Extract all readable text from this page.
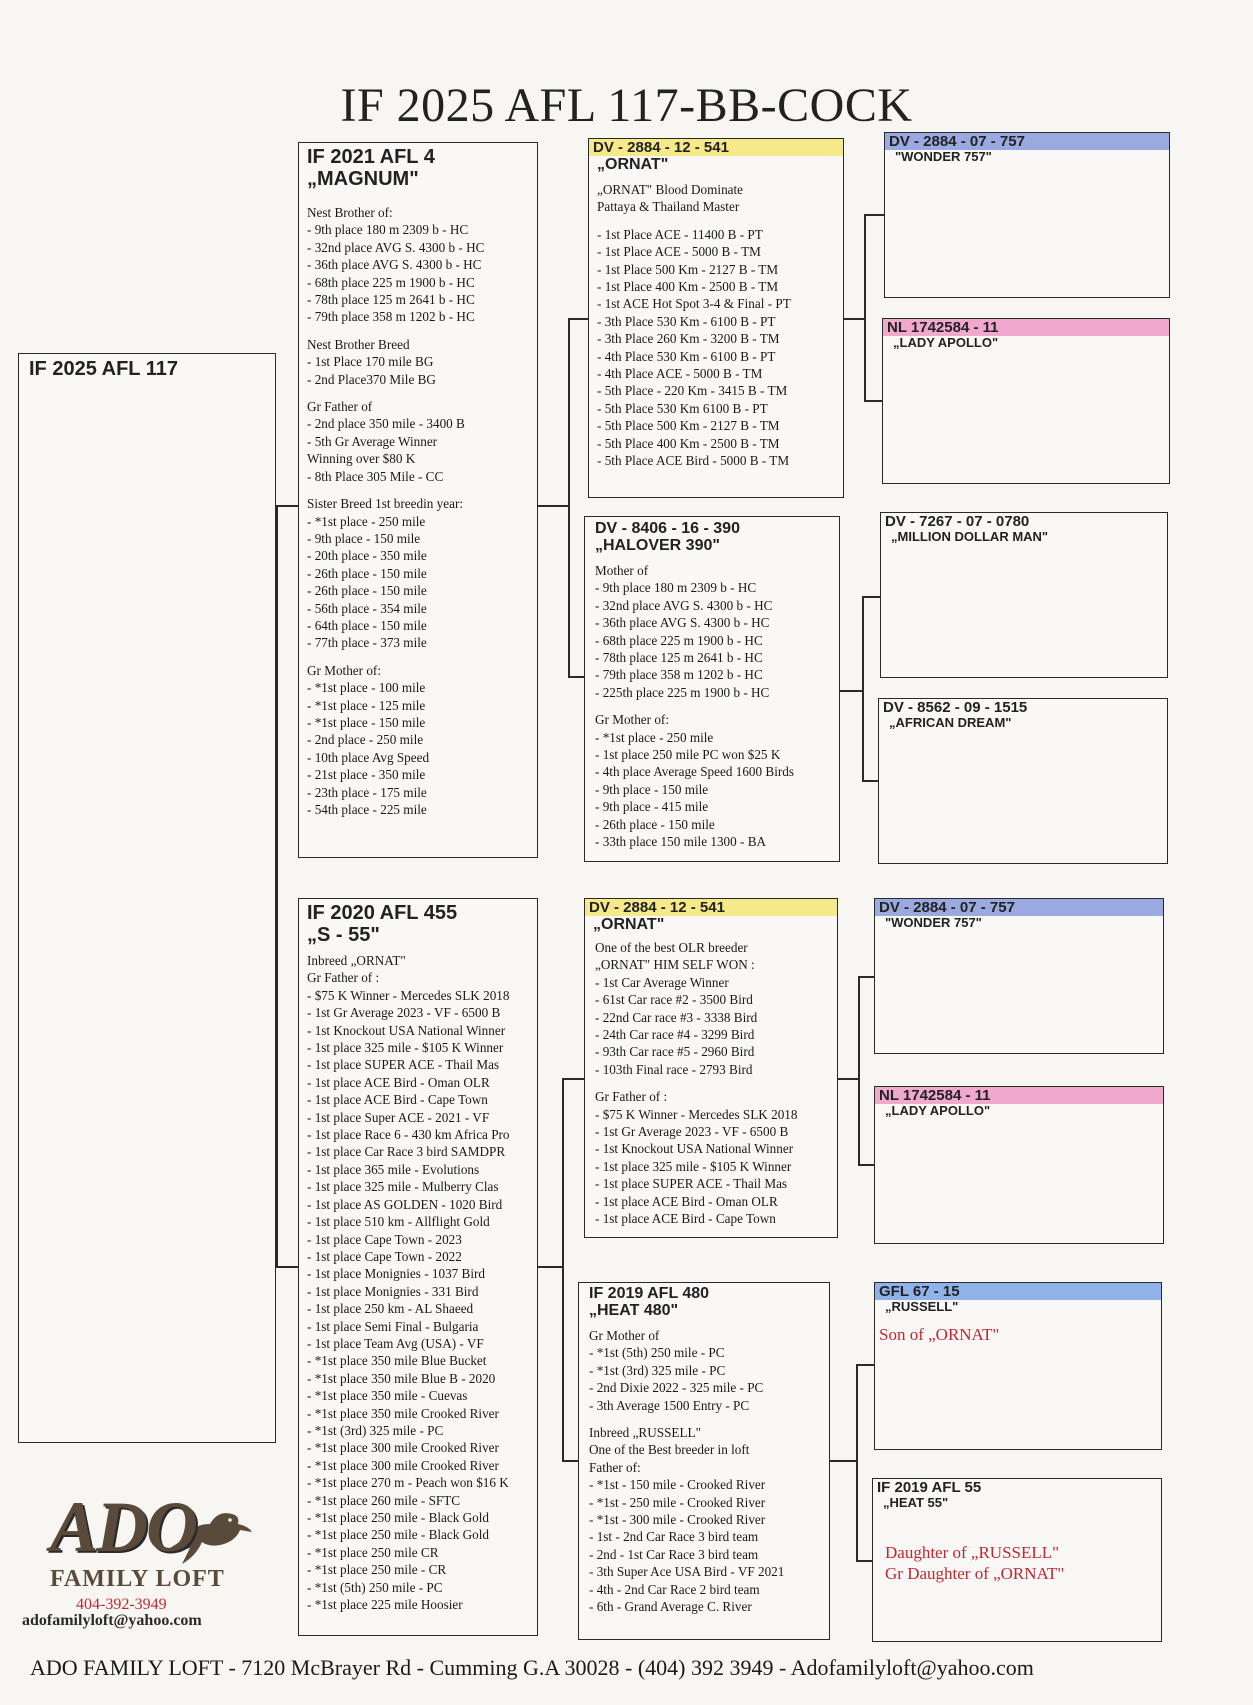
IF 2025 AFL 117-BB-COCK
IF 2025 AFL 117
IF 2021 AFL 4
„MAGNUM"
Nest Brother of:
- 9th place 180 m 2309 b - HC
- 32nd place AVG S. 4300 b - HC
- 36th place AVG S. 4300 b - HC
- 68th place 225 m 1900 b - HC
- 78th place 125 m 2641 b - HC
- 79th place 358 m 1202 b - HC
Nest Brother Breed
- 1st Place 170 mile BG
- 2nd Place370 Mile BG
Gr Father of
- 2nd place 350 mile - 3400 B
- 5th Gr Average Winner
Winning over $80 K
- 8th Place 305 Mile - CC
Sister Breed 1st breedin year:
- *1st place - 250 mile
- 9th place - 150 mile
- 20th place - 350 mile
- 26th place - 150 mile
- 26th place - 150 mile
- 56th place - 354 mile
- 64th place - 150 mile
- 77th place - 373 mile
Gr Mother of:
- *1st place - 100 mile
- *1st place - 125 mile
- *1st place - 150 mile
- 2nd place - 250 mile
- 10th place Avg Speed
- 21st place - 350 mile
- 23th place - 175 mile
- 54th place - 225 mile
IF 2020 AFL 455
„S - 55"
Inbreed „ORNAT"
Gr Father of :
- $75 K Winner - Mercedes SLK 2018
- 1st Gr Average 2023 - VF - 6500 B
- 1st Knockout USA National Winner
- 1st place 325 mile - $105 K Winner
- 1st place SUPER ACE - Thail Mas
- 1st place ACE Bird - Oman OLR
- 1st place ACE Bird - Cape Town
- 1st place Super ACE - 2021 - VF
- 1st place Race 6 - 430 km Africa Pro
- 1st place Car Race 3 bird SAMDPR
- 1st place 365 mile - Evolutions
- 1st place 325 mile - Mulberry Clas
- 1st place AS GOLDEN - 1020 Bird
- 1st place 510 km - Allflight Gold
- 1st place Cape Town - 2023
- 1st place Cape Town - 2022
- 1st place Monignies - 1037 Bird
- 1st place Monignies - 331 Bird
- 1st place 250 km - AL Shaeed
- 1st place Semi Final - Bulgaria
- 1st place Team Avg (USA) - VF
- *1st place 350 mile Blue Bucket
- *1st place 350 mile Blue B - 2020
- *1st place 350 mile - Cuevas
- *1st place 350 mile Crooked River
- *1st (3rd) 325 mile - PC
- *1st place 300 mile Crooked River
- *1st place 300 mile Crooked River
- *1st place 270 m - Peach won $16 K
- *1st place 260 mile - SFTC
- *1st place 250 mile - Black Gold
- *1st place 250 mile - Black Gold
- *1st place 250 mile CR
- *1st place 250 mile - CR
- *1st (5th) 250 mile - PC
- *1st place 225 mile Hoosier
DV - 2884 - 12 - 541
„ORNAT"
„ORNAT" Blood Dominate
Pattaya & Thailand Master
- 1st Place ACE - 11400 B - PT
- 1st Place ACE - 5000 B - TM
- 1st Place 500 Km - 2127 B - TM
- 1st Place 400 Km - 2500 B - TM
- 1st ACE Hot Spot 3-4 & Final - PT
- 3th Place 530 Km - 6100 B - PT
- 3th Place 260 Km - 3200 B - TM
- 4th Place 530 Km - 6100 B - PT
- 4th Place ACE - 5000 B - TM
- 5th Place - 220 Km - 3415 B - TM
- 5th Place 530 Km 6100 B - PT
- 5th Place 500 Km - 2127 B - TM
- 5th Place 400 Km - 2500 B - TM
- 5th Place ACE Bird - 5000 B - TM
DV - 8406 - 16 - 390
„HALOVER 390"
Mother of
- 9th place 180 m 2309 b - HC
- 32nd place AVG S. 4300 b - HC
- 36th place AVG S. 4300 b - HC
- 68th place 225 m 1900 b - HC
- 78th place 125 m 2641 b - HC
- 79th place 358 m 1202 b - HC
- 225th place 225 m 1900 b - HC
Gr Mother of:
- *1st place - 250 mile
- 1st place 250 mile PC won $25 K
- 4th place Average Speed 1600 Birds
- 9th place - 150 mile
- 9th place - 415 mile
- 26th place - 150 mile
- 33th place 150 mile 1300 - BA
DV - 2884 - 12 - 541
„ORNAT"
One of the best OLR breeder
„ORNAT" HIM SELF WON :
- 1st Car Average Winner
- 61st Car race #2 - 3500 Bird
- 22nd Car race #3 - 3338 Bird
- 24th Car race #4 - 3299 Bird
- 93th Car race #5 - 2960 Bird
- 103th Final race - 2793 Bird
Gr Father of :
- $75 K Winner - Mercedes SLK 2018
- 1st Gr Average 2023 - VF - 6500 B
- 1st Knockout USA National Winner
- 1st place 325 mile - $105 K Winner
- 1st place SUPER ACE - Thail Mas
- 1st place ACE Bird - Oman OLR
- 1st place ACE Bird - Cape Town
IF 2019 AFL 480
„HEAT 480"
Gr Mother of
- *1st (5th) 250 mile - PC
- *1st (3rd) 325 mile - PC
- 2nd Dixie 2022 - 325 mile - PC
- 3th Average 1500 Entry - PC
Inbreed „RUSSELL"
One of the Best breeder in loft
Father of:
- *1st - 150 mile - Crooked River
- *1st - 250 mile - Crooked River
- *1st - 300 mile - Crooked River
- 1st - 2nd Car Race 3 bird team
- 2nd - 1st Car Race 3 bird team
- 3th Super Ace USA Bird - VF 2021
- 4th - 2nd Car Race 2 bird team
- 6th - Grand Average C. River
DV - 2884 - 07 - 757
"WONDER 757"
NL 1742584 - 11
„LADY APOLLO"
DV - 7267 - 07 - 0780
„MILLION DOLLAR MAN"
DV - 8562 - 09 - 1515
„AFRICAN DREAM"
DV - 2884 - 07 - 757
"WONDER 757"
NL 1742584 - 11
„LADY APOLLO"
GFL 67 - 15
„RUSSELL"
Son of „ORNAT"
IF 2019 AFL 55
„HEAT 55"
Daughter of „RUSSELL"
Gr Daughter of „ORNAT"
ADO
FAMILY LOFT
404-392-3949
adofamilyloft@yahoo.com
ADO FAMILY LOFT - 7120 McBrayer Rd - Cumming G.A 30028 - (404) 392 3949 - Adofamilyloft@yahoo.com
